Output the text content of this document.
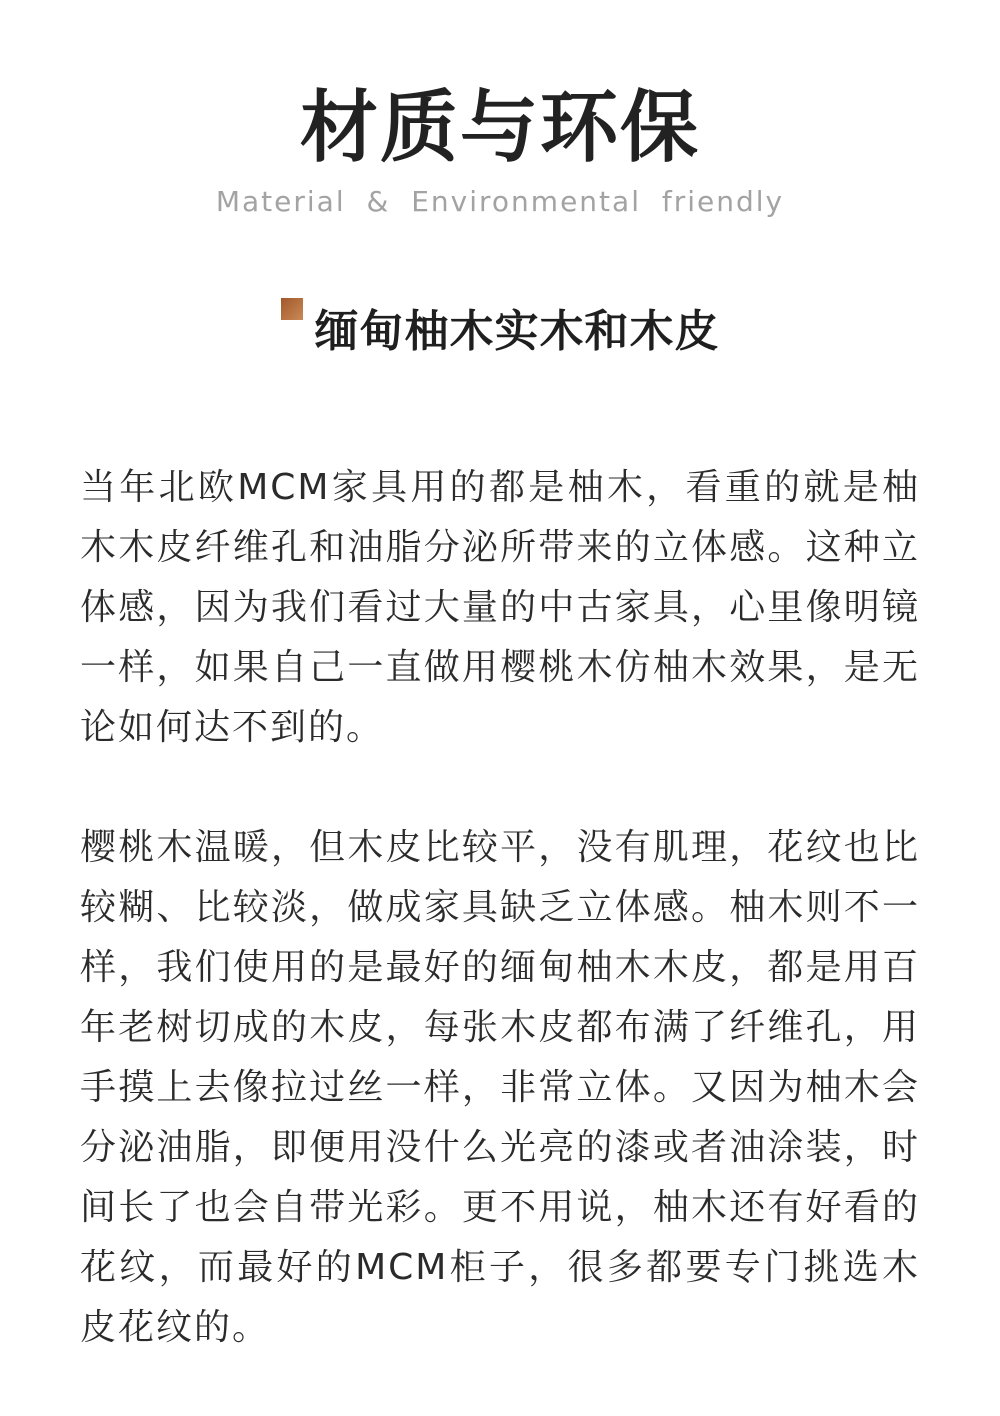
材质与环保
Material & Environmental friendly
缅甸柚木实木和木皮
当年北欧MCM家具用的都是柚木，看重的就是柚木木皮纤维孔和油脂分泌所带来的立体感。这种立体感，因为我们看过大量的中古家具，心里像明镜一样，如果自己一直做用樱桃木仿柚木效果，是无论如何达不到的。
樱桃木温暖，但木皮比较平，没有肌理，花纹也比较糊、比较淡，做成家具缺乏立体感。柚木则不一样，我们使用的是最好的缅甸柚木木皮，都是用百年老树切成的木皮，每张木皮都布满了纤维孔，用手摸上去像拉过丝一样，非常立体。又因为柚木会分泌油脂，即便用没什么光亮的漆或者油涂装，时间长了也会自带光彩。更不用说，柚木还有好看的花纹，而最好的MCM柜子，很多都要专门挑选木皮花纹的。
